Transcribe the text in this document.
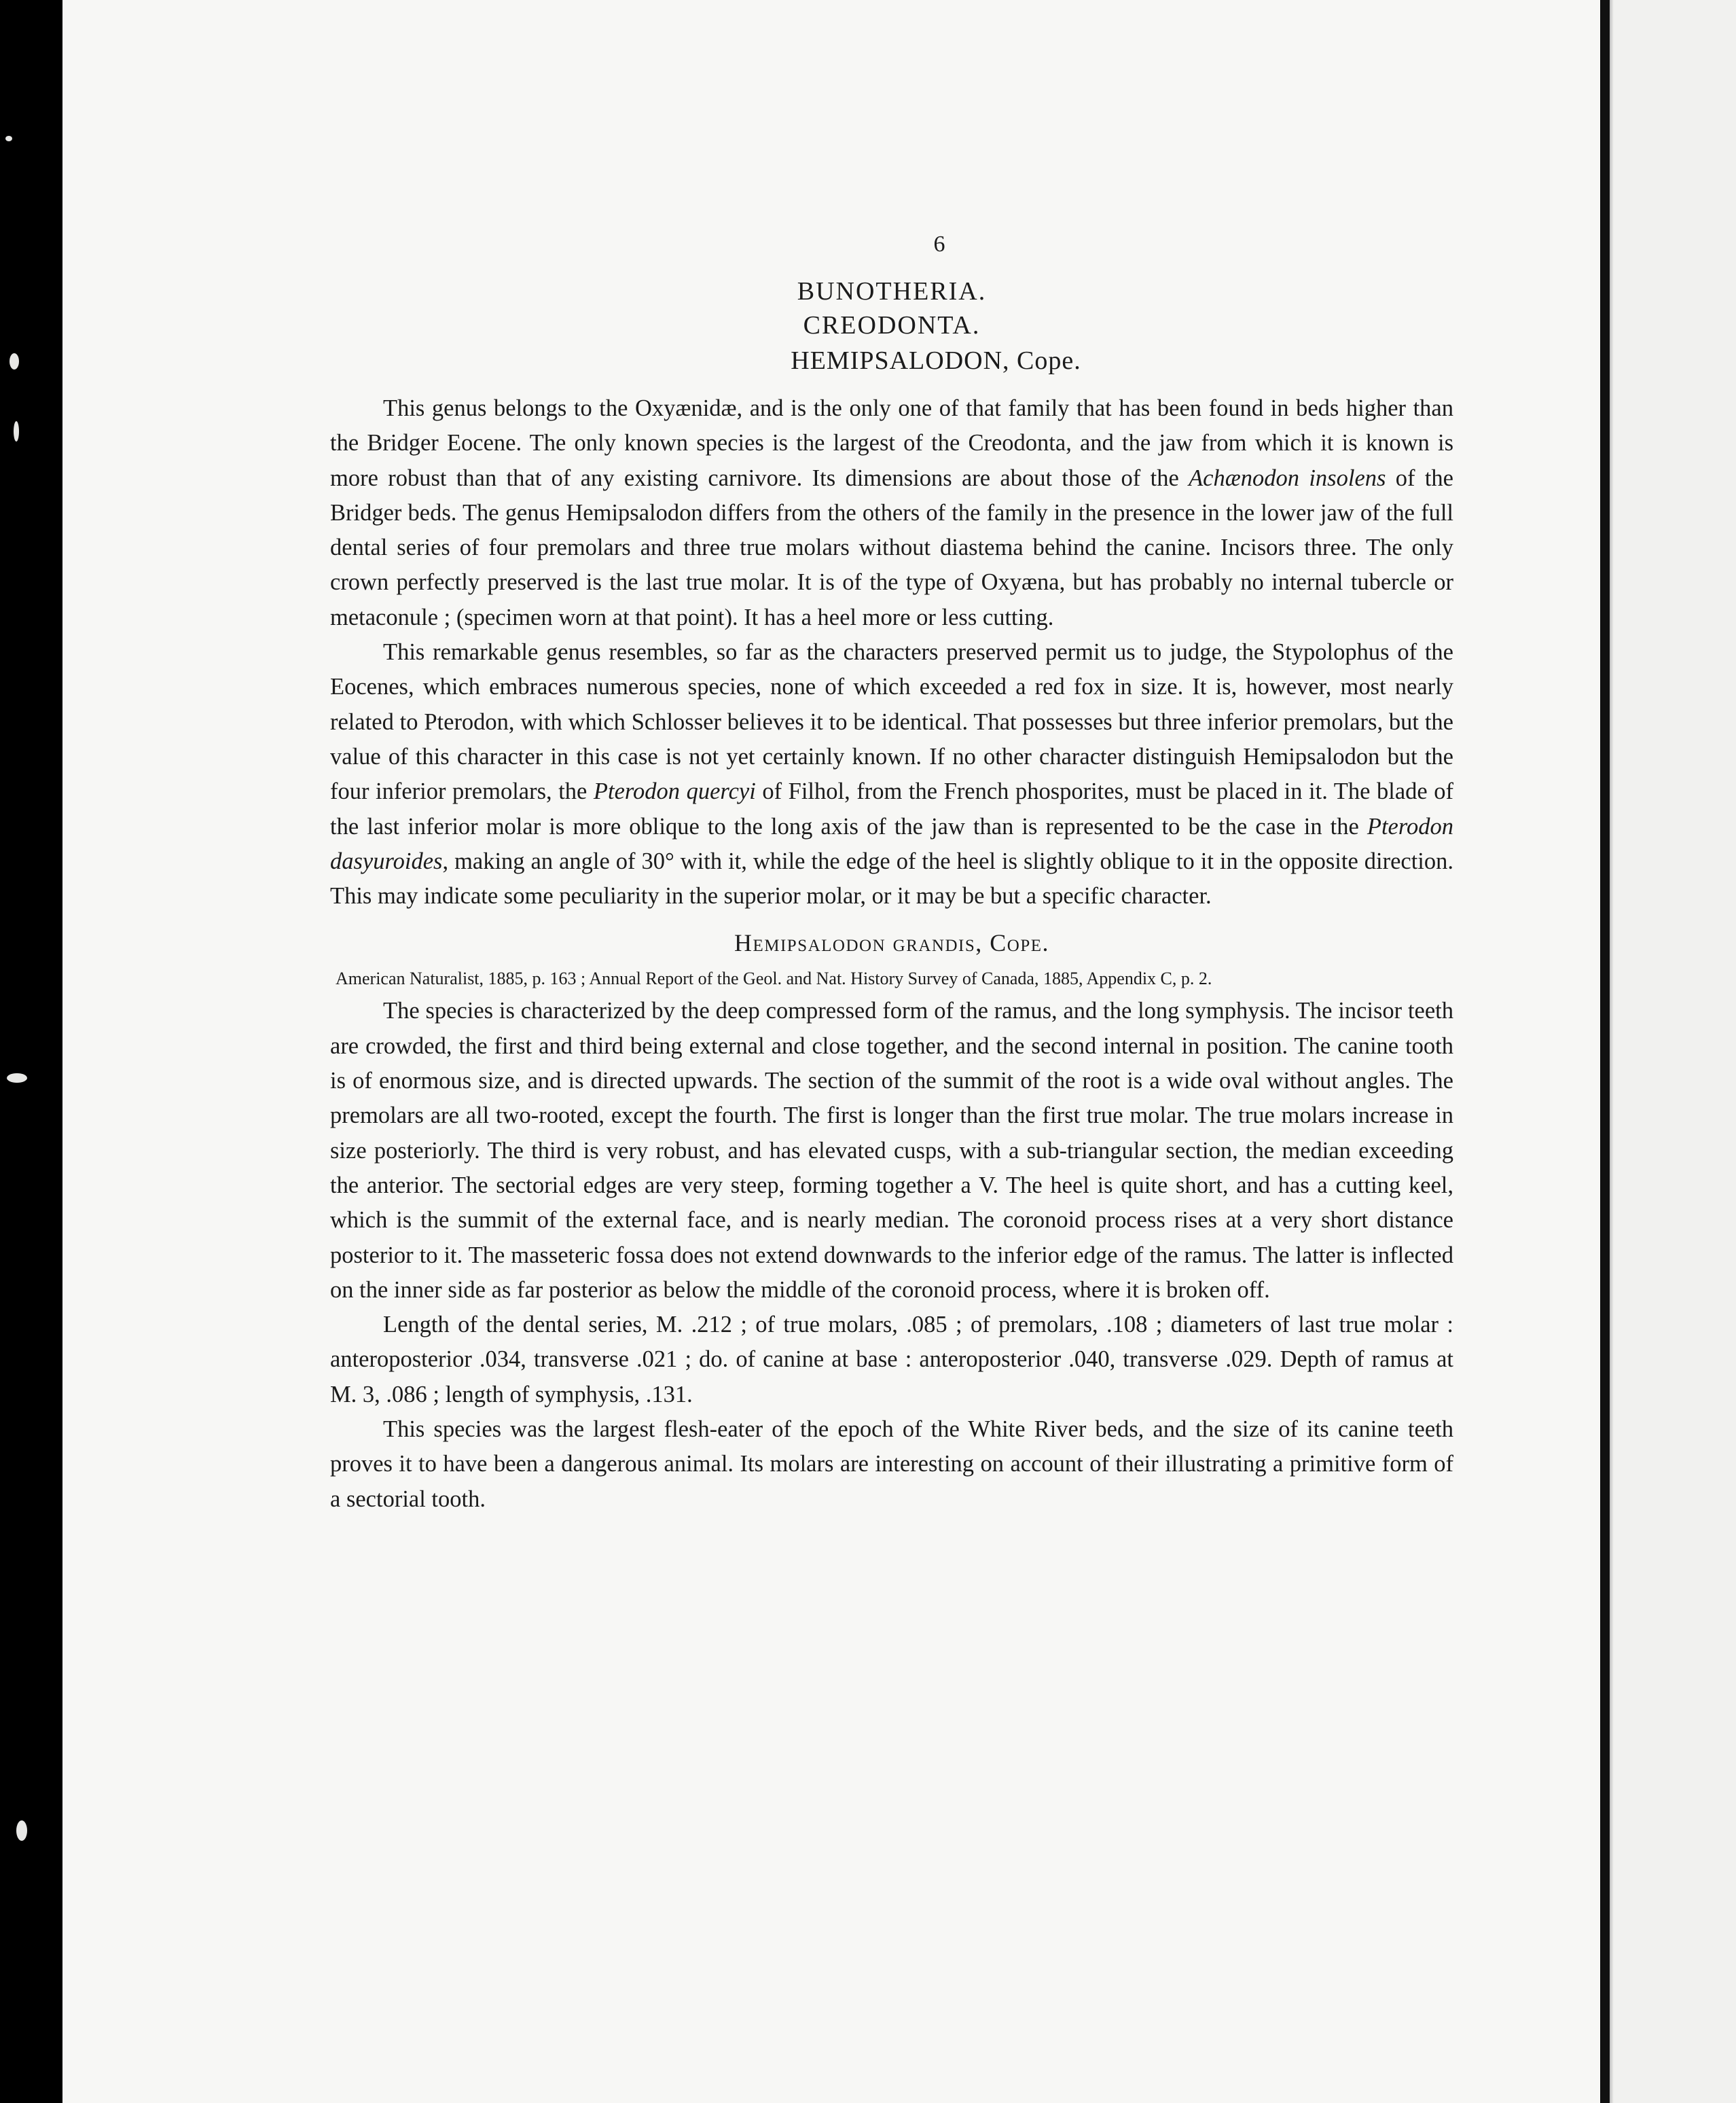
6
BUNOTHERIA.
CREODONTA.
HEMIPSALODON, Cope.

This genus belongs to the Oxyænidæ, and is the only one of that family that has been found in beds higher than the Bridger Eocene. The only known species is the largest of the Creodonta, and the jaw from which it is known is more robust than that of any existing carnivore. Its dimensions are about those of the Achænodon insolens of the Bridger beds. The genus Hemipsalodon differs from the others of the family in the presence in the lower jaw of the full dental series of four premolars and three true molars without diastema behind the canine. Incisors three. The only crown perfectly preserved is the last true molar. It is of the type of Oxyæna, but has probably no internal tubercle or metaconule ; (specimen worn at that point). It has a heel more or less cutting.

This remarkable genus resembles, so far as the characters preserved permit us to judge, the Stypolophus of the Eocenes, which embraces numerous species, none of which exceeded a red fox in size. It is, however, most nearly related to Pterodon, with which Schlosser believes it to be identical. That possesses but three inferior premolars, but the value of this character in this case is not yet certainly known. If no other character distinguish Hemipsalodon but the four inferior premolars, the Pterodon quercyi of Filhol, from the French phosporites, must be placed in it. The blade of the last inferior molar is more oblique to the long axis of the jaw than is represented to be the case in the Pterodon dasyuroides, making an angle of 30° with it, while the edge of the heel is slightly oblique to it in the opposite direction. This may indicate some peculiarity in the superior molar, or it may be but a specific character.

Hemipsalodon grandis, Cope.

American Naturalist, 1885, p. 163 ; Annual Report of the Geol. and Nat. History Survey of Canada, 1885, Appendix C, p. 2.

The species is characterized by the deep compressed form of the ramus, and the long symphysis. The incisor teeth are crowded, the first and third being external and close together, and the second internal in position. The canine tooth is of enormous size, and is directed upwards. The section of the summit of the root is a wide oval without angles. The premolars are all two-rooted, except the fourth. The first is longer than the first true molar. The true molars increase in size posteriorly. The third is very robust, and has elevated cusps, with a sub-triangular section, the median exceeding the anterior. The sectorial edges are very steep, forming together a V. The heel is quite short, and has a cutting keel, which is the summit of the external face, and is nearly median. The coronoid process rises at a very short distance posterior to it. The masseteric fossa does not extend downwards to the inferior edge of the ramus. The latter is inflected on the inner side as far posterior as below the middle of the coronoid process, where it is broken off.

Length of the dental series, M. .212 ; of true molars, .085 ; of premolars, .108 ; diameters of last true molar : anteroposterior .034, transverse .021 ; do. of canine at base : anteroposterior .040, transverse .029. Depth of ramus at M. 3, .086 ; length of symphysis, .131.

This species was the largest flesh-eater of the epoch of the White River beds, and the size of its canine teeth proves it to have been a dangerous animal. Its molars are interesting on account of their illustrating a primitive form of a sectorial tooth.
